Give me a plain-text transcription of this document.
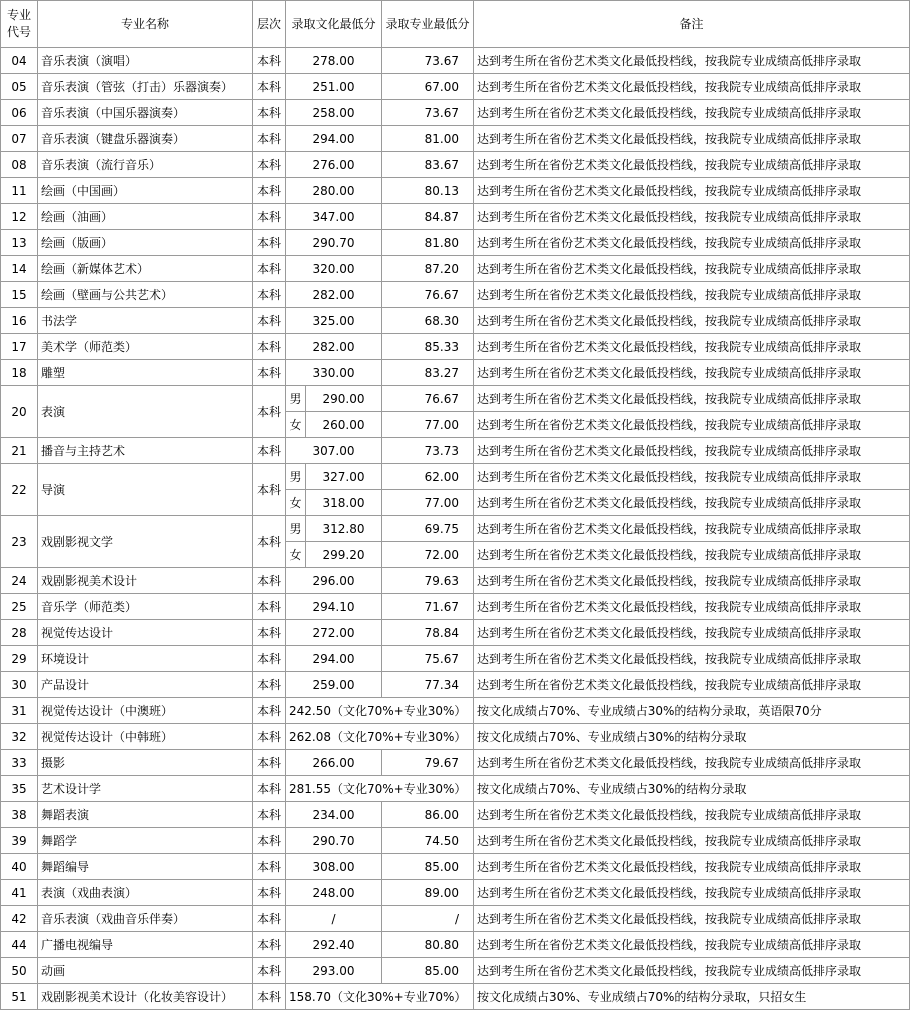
专业代号	专业名称	层次	录取文化最低分		录取专业最低分	备注
04	音乐表演（演唱）	本科	278.00		73.67	达到考生所在省份艺术类文化最低投档线，按我院专业成绩高低排序录取
05	音乐表演（管弦（打击）乐器演奏）	本科	251.00		67.00	达到考生所在省份艺术类文化最低投档线，按我院专业成绩高低排序录取
06	音乐表演（中国乐器演奏）	本科	258.00		73.67	达到考生所在省份艺术类文化最低投档线，按我院专业成绩高低排序录取
07	音乐表演（键盘乐器演奏）	本科	294.00		81.00	达到考生所在省份艺术类文化最低投档线，按我院专业成绩高低排序录取
08	音乐表演（流行音乐）	本科	276.00		83.67	达到考生所在省份艺术类文化最低投档线，按我院专业成绩高低排序录取
11	绘画（中国画）	本科	280.00		80.13	达到考生所在省份艺术类文化最低投档线，按我院专业成绩高低排序录取
12	绘画（油画）	本科	347.00		84.87	达到考生所在省份艺术类文化最低投档线，按我院专业成绩高低排序录取
13	绘画（版画）	本科	290.70		81.80	达到考生所在省份艺术类文化最低投档线，按我院专业成绩高低排序录取
14	绘画（新媒体艺术）	本科	320.00		87.20	达到考生所在省份艺术类文化最低投档线，按我院专业成绩高低排序录取
15	绘画（壁画与公共艺术）	本科	282.00		76.67	达到考生所在省份艺术类文化最低投档线，按我院专业成绩高低排序录取
16	书法学	本科	325.00		68.30	达到考生所在省份艺术类文化最低投档线，按我院专业成绩高低排序录取
17	美术学（师范类）	本科	282.00		85.33	达到考生所在省份艺术类文化最低投档线，按我院专业成绩高低排序录取
18	雕塑	本科	330.00		83.27	达到考生所在省份艺术类文化最低投档线，按我院专业成绩高低排序录取
20	表演	本科	男	290.00	76.67	达到考生所在省份艺术类文化最低投档线，按我院专业成绩高低排序录取
			女	260.00	77.00	达到考生所在省份艺术类文化最低投档线，按我院专业成绩高低排序录取
21	播音与主持艺术	本科	307.00		73.73	达到考生所在省份艺术类文化最低投档线，按我院专业成绩高低排序录取
22	导演	本科	男	327.00	62.00	达到考生所在省份艺术类文化最低投档线，按我院专业成绩高低排序录取
			女	318.00	77.00	达到考生所在省份艺术类文化最低投档线，按我院专业成绩高低排序录取
23	戏剧影视文学	本科	男	312.80	69.75	达到考生所在省份艺术类文化最低投档线，按我院专业成绩高低排序录取
			女	299.20	72.00	达到考生所在省份艺术类文化最低投档线，按我院专业成绩高低排序录取
24	戏剧影视美术设计	本科	296.00		79.63	达到考生所在省份艺术类文化最低投档线，按我院专业成绩高低排序录取
25	音乐学（师范类）	本科	294.10		71.67	达到考生所在省份艺术类文化最低投档线，按我院专业成绩高低排序录取
28	视觉传达设计	本科	272.00		78.84	达到考生所在省份艺术类文化最低投档线，按我院专业成绩高低排序录取
29	环境设计	本科	294.00		75.67	达到考生所在省份艺术类文化最低投档线，按我院专业成绩高低排序录取
30	产品设计	本科	259.00		77.34	达到考生所在省份艺术类文化最低投档线，按我院专业成绩高低排序录取
31	视觉传达设计（中澳班）	本科	242.50（文化70%+专业30%）			按文化成绩占70%、专业成绩占30%的结构分录取，英语限70分
32	视觉传达设计（中韩班）	本科	262.08（文化70%+专业30%）			按文化成绩占70%、专业成绩占30%的结构分录取
33	摄影	本科	266.00		79.67	达到考生所在省份艺术类文化最低投档线，按我院专业成绩高低排序录取
35	艺术设计学	本科	281.55（文化70%+专业30%）			按文化成绩占70%、专业成绩占30%的结构分录取
38	舞蹈表演	本科	234.00		86.00	达到考生所在省份艺术类文化最低投档线，按我院专业成绩高低排序录取
39	舞蹈学	本科	290.70		74.50	达到考生所在省份艺术类文化最低投档线，按我院专业成绩高低排序录取
40	舞蹈编导	本科	308.00		85.00	达到考生所在省份艺术类文化最低投档线，按我院专业成绩高低排序录取
41	表演（戏曲表演）	本科	248.00		89.00	达到考生所在省份艺术类文化最低投档线，按我院专业成绩高低排序录取
42	音乐表演（戏曲音乐伴奏）	本科	/		/	达到考生所在省份艺术类文化最低投档线，按我院专业成绩高低排序录取
44	广播电视编导	本科	292.40		80.80	达到考生所在省份艺术类文化最低投档线，按我院专业成绩高低排序录取
50	动画	本科	293.00		85.00	达到考生所在省份艺术类文化最低投档线，按我院专业成绩高低排序录取
51	戏剧影视美术设计（化妆美容设计）	本科	158.70（文化30%+专业70%）			按文化成绩占30%、专业成绩占70%的结构分录取，只招女生
